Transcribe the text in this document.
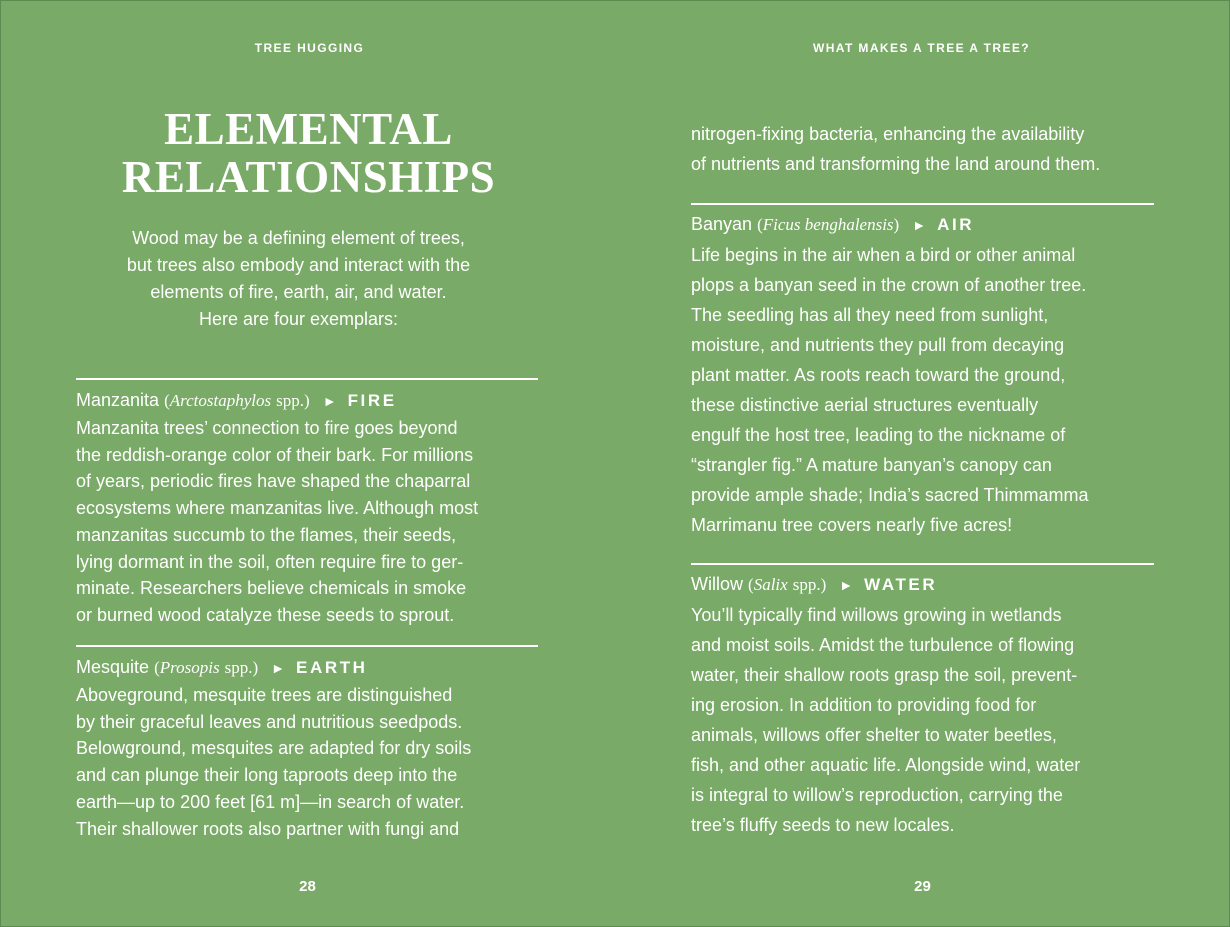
TREE HUGGING
ELEMENTAL
RELATIONSHIPS
Wood may be a defining element of trees,
but trees also embody and interact with the
elements of fire, earth, air, and water.
Here are four exemplars:
Manzanita (Arctostaphylos spp.) ► FIRE
Manzanita trees’ connection to fire goes beyond
the reddish-orange color of their bark. For millions
of years, periodic fires have shaped the chaparral
ecosystems where manzanitas live. Although most
manzanitas succumb to the flames, their seeds,
lying dormant in the soil, often require fire to ger-
minate. Researchers believe chemicals in smoke
or burned wood catalyze these seeds to sprout.
Mesquite (Prosopis spp.) ► EARTH
Aboveground, mesquite trees are distinguished
by their graceful leaves and nutritious seedpods.
Belowground, mesquites are adapted for dry soils
and can plunge their long taproots deep into the
earth—up to 200 feet [61 m]—in search of water.
Their shallower roots also partner with fungi and
28
WHAT MAKES A TREE A TREE?
29
nitrogen-fixing bacteria, enhancing the availability
of nutrients and transforming the land around them.
Banyan (Ficus benghalensis) ► AIR
Life begins in the air when a bird or other animal
plops a banyan seed in the crown of another tree.
The seedling has all they need from sunlight,
moisture, and nutrients they pull from decaying
plant matter. As roots reach toward the ground,
these distinctive aerial structures eventually
engulf the host tree, leading to the nickname of
“strangler fig.” A mature banyan’s canopy can
provide ample shade; India’s sacred Thimmamma
Marrimanu tree covers nearly five acres!
Willow (Salix spp.) ► WATER
You’ll typically find willows growing in wetlands
and moist soils. Amidst the turbulence of flowing
water, their shallow roots grasp the soil, prevent-
ing erosion. In addition to providing food for
animals, willows offer shelter to water beetles,
fish, and other aquatic life. Alongside wind, water
is integral to willow’s reproduction, carrying the
tree’s fluffy seeds to new locales.
